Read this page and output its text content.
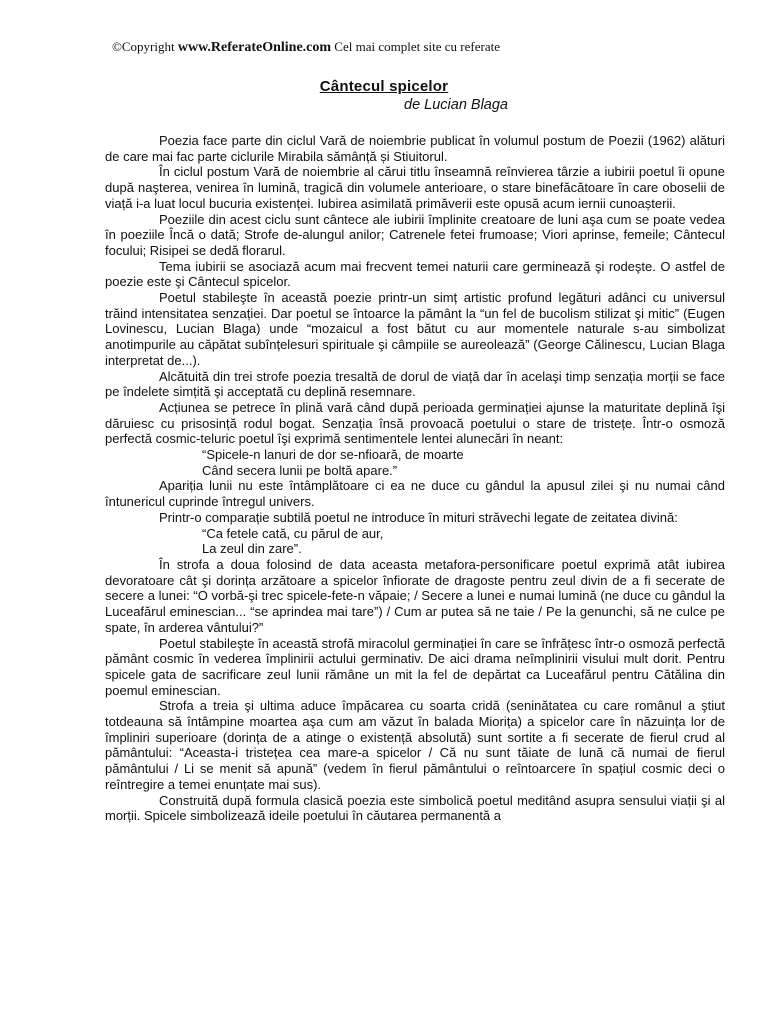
©Copyright www.ReferateOnline.com Cel mai complet site cu referate
Cântecul spicelor
de Lucian Blaga

Poezia face parte din ciclul Vară de noiembrie publicat în volumul postum de Poezii (1962) alături de care mai fac parte ciclurile Mirabila sămânță și Stiuitorul.

În ciclul postum Vară de noiembrie al cărui titlu înseamnă reînvierea târzie a iubirii poetul îi opune după naşterea, venirea în lumină, tragică din volumele anterioare, o stare binefăcătoare în care oboselii de viață i-a luat locul bucuria existenței. Iubirea asimilată primăverii este opusă acum iernii cunoașterii.

Poeziile din acest ciclu sunt cântece ale iubirii împlinite creatoare de luni aşa cum se poate vedea în poeziile Încă o dată; Strofe de-alungul anilor; Catrenele fetei frumoase; Viori aprinse, femeile; Cântecul focului; Risipei se dedă florarul.

Tema iubirii se asociază acum mai frecvent temei naturii care germinează şi rodeşte. O astfel de poezie este şi Cântecul spicelor.

Poetul stabileşte în această poezie printr-un simț artistic profund legături adânci cu universul trăind intensitatea senzației. Dar poetul se întoarce la pământ la “un fel de bucolism stilizat şi mitic” (Eugen Lovinescu, Lucian Blaga) unde “mozaicul a fost bătut cu aur momentele naturale s-au simbolizat anotimpurile au căpătat subînțelesuri spirituale şi câmpiile se aureolează” (George Călinescu, Lucian Blaga interpretat de...).

Alcătuită din trei strofe poezia tresaltă de dorul de viață dar în acelaşi timp senzația morții se face pe îndelete simțită şi acceptată cu deplină resemnare.

Acțiunea se petrece în plină vară când după perioada germinației ajunse la maturitate deplină îşi dăruiesc cu prisosință rodul bogat. Senzația însă provoacă poetului o stare de tristețe. Într-o osmoză perfectă cosmic-teluric poetul îşi exprimă sentimentele lentei alunecări în neant:

“Spicele-n lanuri de dor se-nfioară, de moarte
Când secera lunii pe boltă apare.”

Apariția lunii nu este întâmplătoare ci ea ne duce cu gândul la apusul zilei şi nu numai când întunericul cuprinde întregul univers.

Printr-o comparație subtilă poetul ne introduce în mituri străvechi legate de zeitatea divină:

“Ca fetele cată, cu părul de aur,
La zeul din zare”.

În strofa a doua folosind de data aceasta metafora-personificare poetul exprimă atât iubirea devoratoare cât şi dorința arzătoare a spicelor înfiorate de dragoste pentru zeul divin de a fi secerate de secere a lunei: “O vorbă-şi trec spicele-fete-n văpaie; / Secere a lunei e numai lumină (ne duce cu gândul la Luceafărul eminescian... “se aprindea mai tare”) / Cum ar putea să ne taie / Pe la genunchi, să ne culce pe spate, în arderea vântului?”

Poetul stabileşte în această strofă miracolul germinației în care se înfrățesc într-o osmoză perfectă pământ cosmic în vederea împlinirii actului germinativ. De aici drama neîmplinirii visului mult dorit. Pentru spicele gata de sacrificare zeul lunii rămâne un mit la fel de depărtat ca Luceafărul pentru Cătălina din poemul eminescian.

Strofa a treia şi ultima aduce împăcarea cu soarta cridă (seninătatea cu care românul a ştiut totdeauna să întâmpine moartea aşa cum am văzut în balada Miorița) a spicelor care în năzuința lor de împliniri superioare (dorința de a atinge o existență absolută) sunt sortite a fi secerate de fierul crud al pământului: “Aceasta-i tristețea cea mare-a spicelor / Că nu sunt tăiate de lună că numai de fierul pământului / Li se menit să apună” (vedem în fierul pământului o reîntoarcere în spațiul cosmic deci o reîntregire a temei enunțate mai sus).

Construită după formula clasică poezia este simbolică poetul meditând asupra sensului viații şi al morții. Spicele simbolizează ideile poetului în căutarea permanentă a
